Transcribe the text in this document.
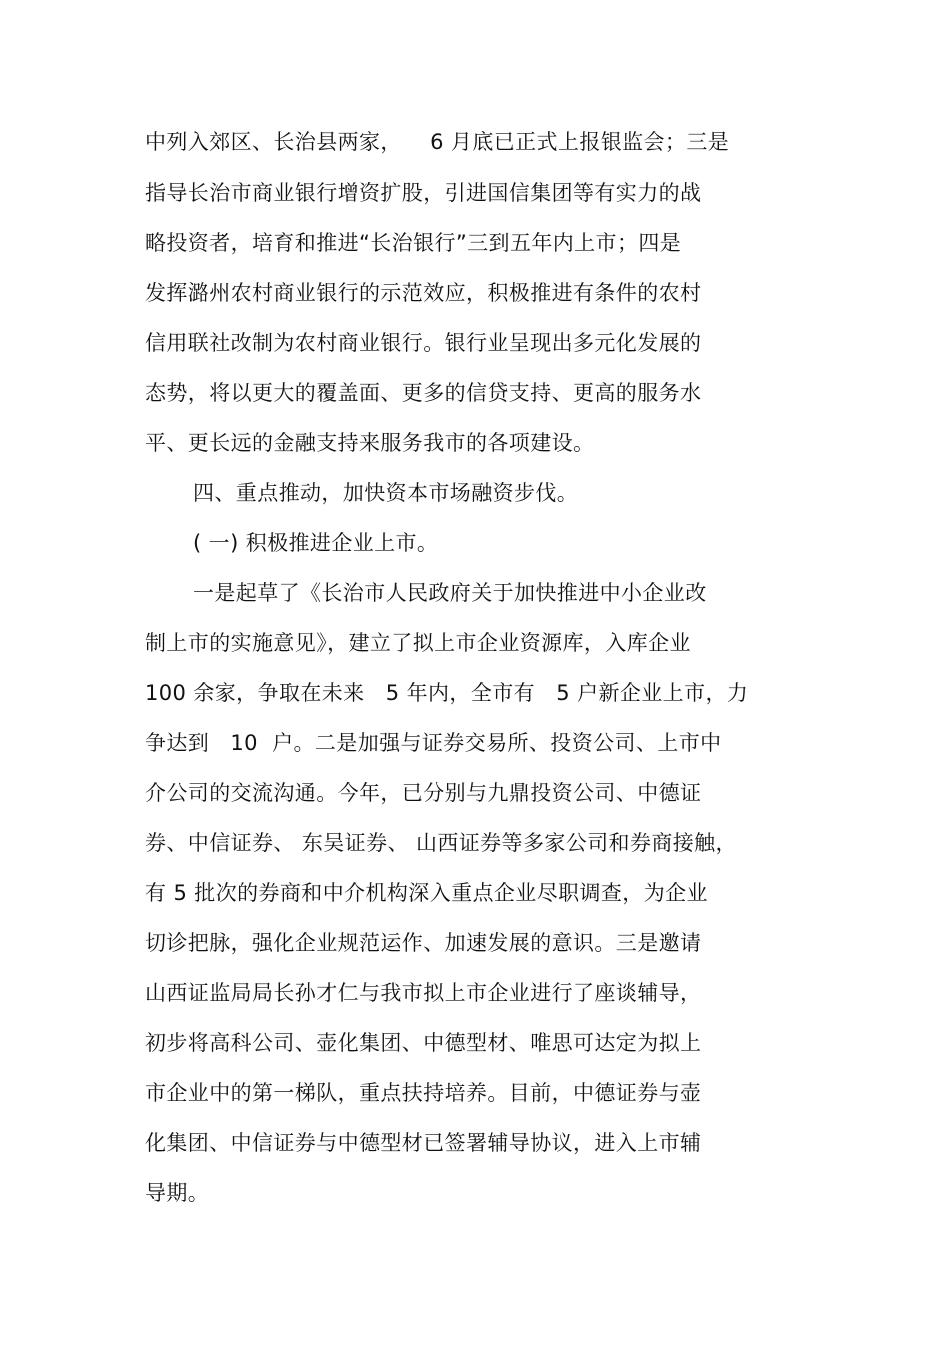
中列入郊区、长治县两家，    6 月底已正式上报银监会；三是
指导长治市商业银行增资扩股，引进国信集团等有实力的战
略投资者，培育和推进“长治银行”三到五年内上市；四是
发挥潞州农村商业银行的示范效应，积极推进有条件的农村
信用联社改制为农村商业银行。银行业呈现出多元化发展的
态势，将以更大的覆盖面、更多的信贷支持、更高的服务水
平、更长远的金融支持来服务我市的各项建设。
四、重点推动，加快资本市场融资步伐。
( 一) 积极推进企业上市。
一是起草了《长治市人民政府关于加快推进中小企业改
制上市的实施意见》，建立了拟上市企业资源库，入库企业
100 余家，争取在未来   5 年内，全市有   5 户新企业上市，力
争达到   10  户。二是加强与证券交易所、投资公司、上市中
介公司的交流沟通。今年，已分别与九鼎投资公司、中德证
券、中信证券、 东吴证券、 山西证券等多家公司和券商接触，
有 5 批次的券商和中介机构深入重点企业尽职调查，为企业
切诊把脉，强化企业规范运作、加速发展的意识。三是邀请
山西证监局局长孙才仁与我市拟上市企业进行了座谈辅导，
初步将高科公司、壶化集团、中德型材、唯思可达定为拟上
市企业中的第一梯队，重点扶持培养。目前，中德证券与壶
化集团、中信证券与中德型材已签署辅导协议，进入上市辅
导期。
